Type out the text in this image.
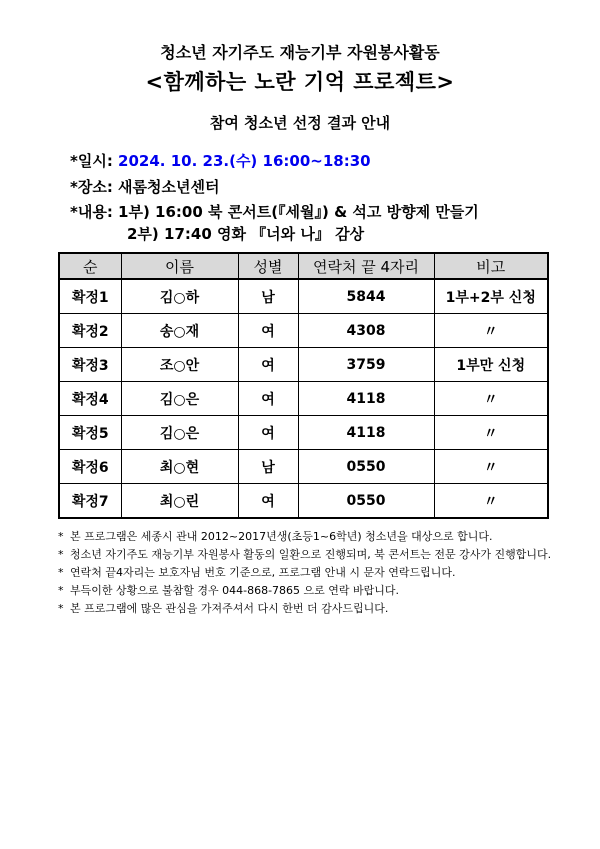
청소년 자기주도 재능기부 자원봉사활동
<함께하는 노란 기억 프로젝트>
참여 청소년 선정 결과 안내
*일시: 2024. 10. 23.(수) 16:00~18:30
*장소: 새롬청소년센터
*내용: 1부) 16:00 북 콘서트(『세월』) & 석고 방향제 만들기
2부) 17:40 영화 『너와 나』 감상
순	이름	성별	연락처 끝 4자리	비고
확정1	김○하	남	5844	1부+2부 신청
확정2	송○재	여	4308	〃
확정3	조○안	여	3759	1부만 신청
확정4	김○은	여	4118	〃
확정5	김○은	여	4118	〃
확정6	최○현	남	0550	〃
확정7	최○린	여	0550	〃
* 본 프로그램은 세종시 관내 2012~2017년생(초등1~6학년) 청소년을 대상으로 합니다.
* 청소년 자기주도 재능기부 자원봉사 활동의 일환으로 진행되며, 북 콘서트는 전문 강사가 진행합니다.
* 연락처 끝4자리는 보호자님 번호 기준으로, 프로그램 안내 시 문자 연락드립니다.
* 부득이한 상황으로 불참할 경우 044-868-7865 으로 연락 바랍니다.
* 본 프로그램에 많은 관심을 가져주셔서 다시 한번 더 감사드립니다.
